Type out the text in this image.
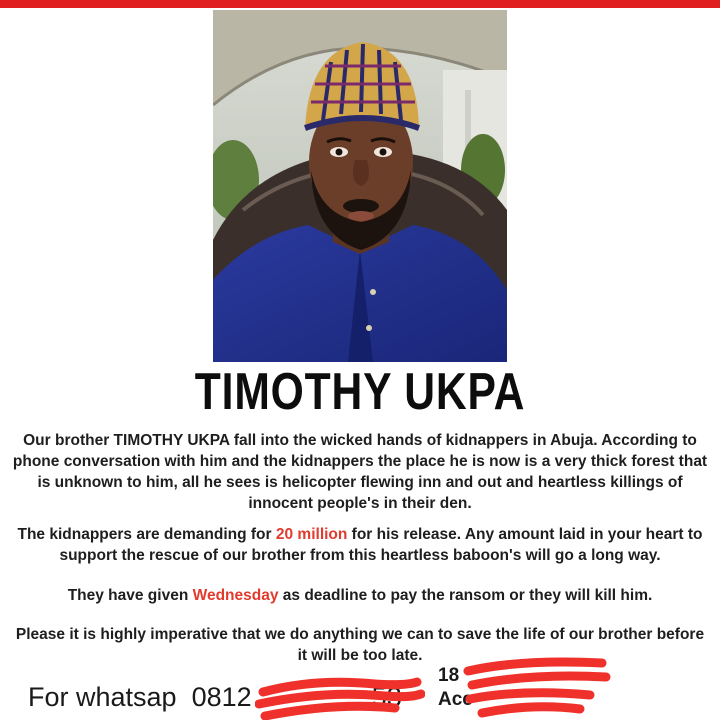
TIMOTHY UKPA
Our brother TIMOTHY UKPA fall into the wicked hands of kidnappers in Abuja. According to phone conversation with him and the kidnappers the place he is now is a very thick forest that is unknown to him, all he sees is helicopter flewing inn and out and heartless killings of innocent people's in their den.
The kidnappers are demanding for 20 million for his release. Any amount laid in your heart to support the rescue of our brother from this heartless baboon's will go a long way.
They have given Wednesday as deadline to pay the ransom or they will kill him.
Please it is highly imperative that we do anything we can to save the life of our brother before it will be too late.
For whatsap 0812	53
18
Acc
